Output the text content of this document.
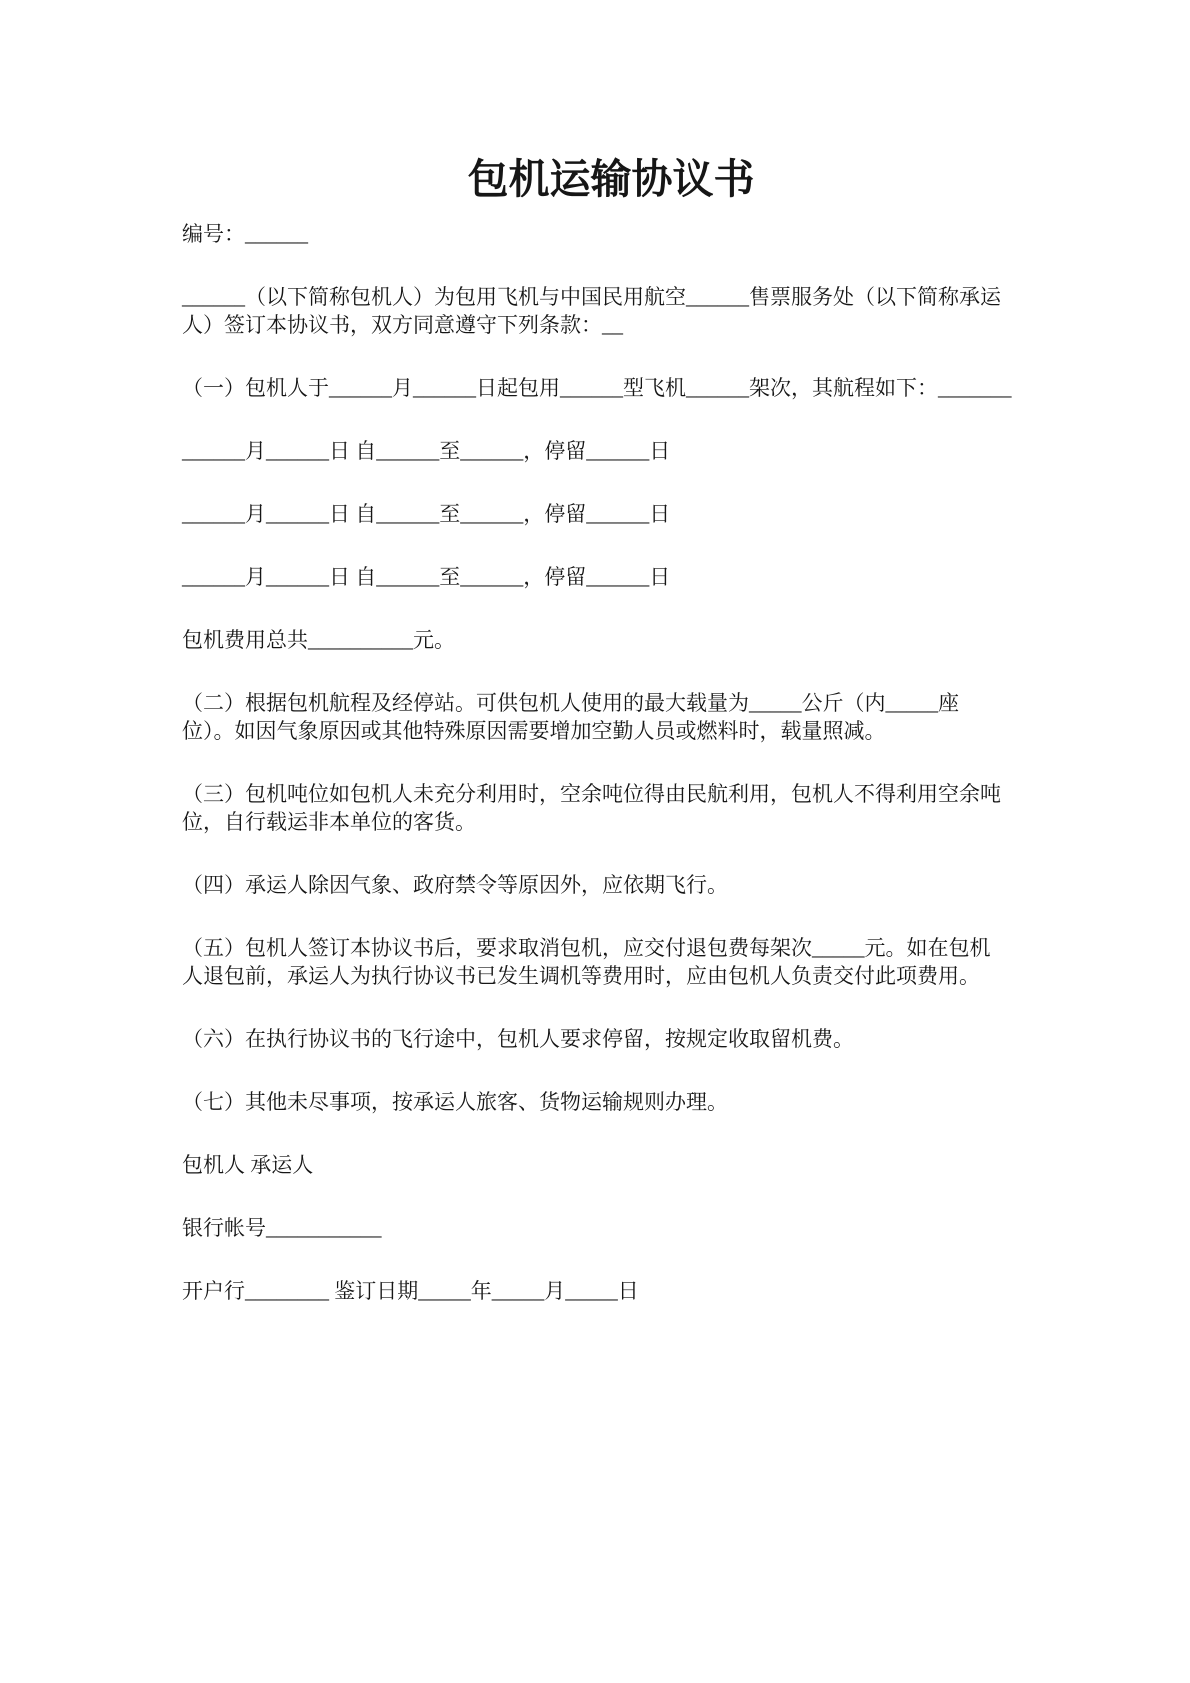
包机运输协议书

编号：______

______（以下简称包机人）为包用飞机与中国民用航空______售票服务处（以下简称承运
人）签订本协议书，双方同意遵守下列条款：__

（一）包机人于______月______日起包用______型飞机______架次，其航程如下：_______

______月______日 自______至______，停留______日

______月______日 自______至______，停留______日

______月______日 自______至______，停留______日

包机费用总共__________元。

（二）根据包机航程及经停站。可供包机人使用的最大载量为_____公斤（内_____座
位）。如因气象原因或其他特殊原因需要增加空勤人员或燃料时，载量照减。
（三）包机吨位如包机人未充分利用时，空余吨位得由民航利用，包机人不得利用空余吨
位，自行载运非本单位的客货。

（四）承运人除因气象、政府禁令等原因外，应依期飞行。

（五）包机人签订本协议书后，要求取消包机，应交付退包费每架次_____元。如在包机
人退包前，承运人为执行协议书已发生调机等费用时，应由包机人负责交付此项费用。

（六）在执行协议书的飞行途中，包机人要求停留，按规定收取留机费。

（七）其他未尽事项，按承运人旅客、货物运输规则办理。

包机人 承运人

银行帐号___________

开户行________ 鉴订日期_____年_____月_____日
